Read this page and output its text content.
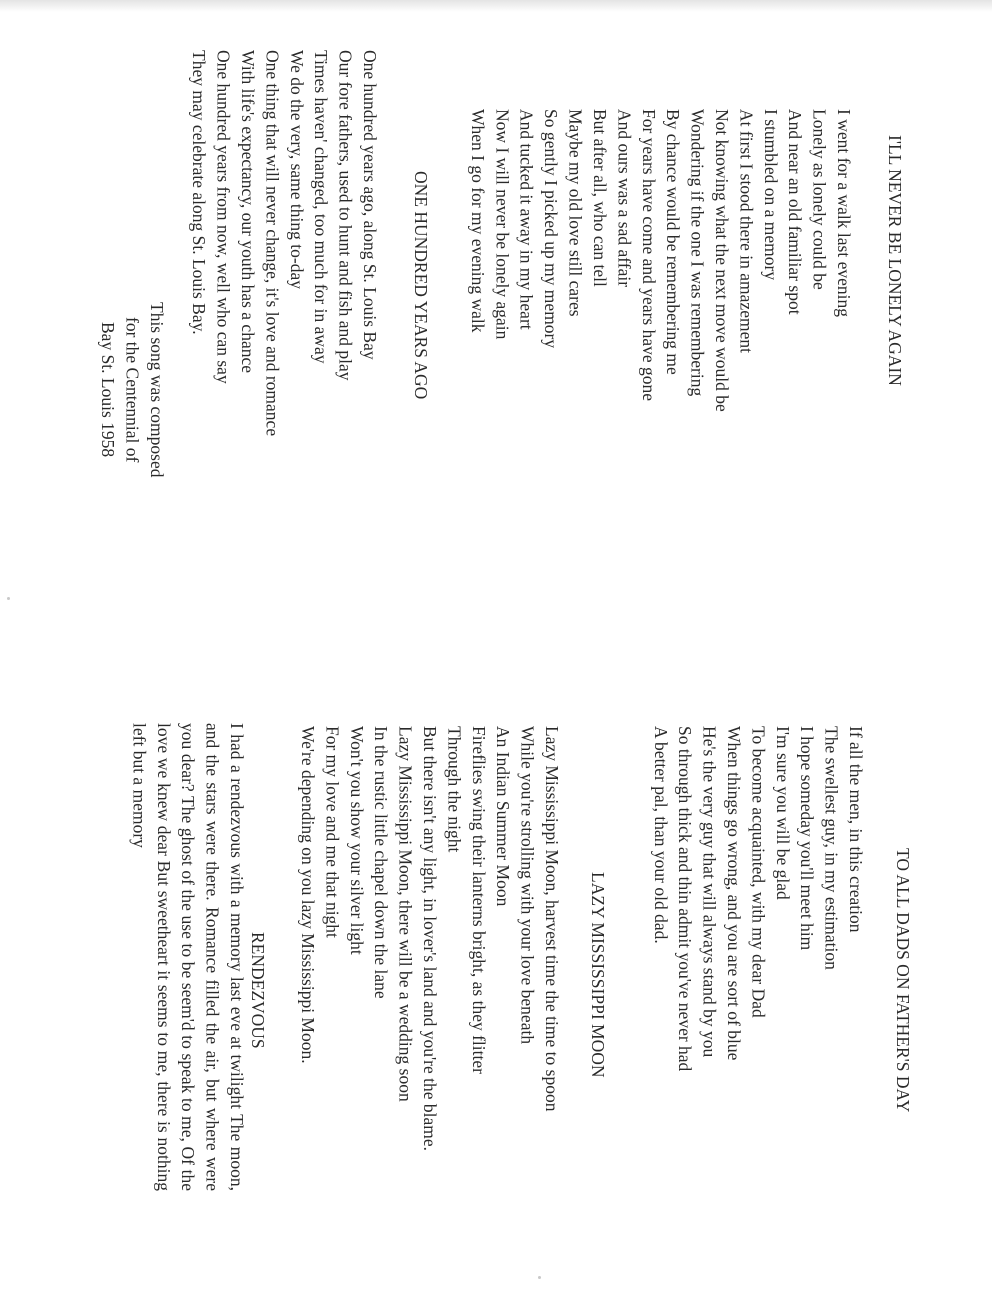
I'LL NEVER BE LONELY AGAIN
I went for a walk last evening
Lonely as lonely could be
And near an old familiar spot
I stumbled on a memory
At first I stood there in amazement
Not knowing what the next move would be
Wondering if the one I was remembering
By chance would be remembering me
For years have come and years have gone
And ours was a sad affair
But after all, who can tell
Maybe my old love still cares
So gently I picked up my memory
And tucked it away in my heart
Now I will never be lonely again
When I go for my evening walk
ONE HUNDRED YEARS AGO
One hundred years ago, along St. Louis Bay
Our fore fathers, used to hunt and fish and play
Times haven' changed, too much for in away
We do the very, same thing to-day
One thing that will never change, it's love and romance
With life's expectancy, our youth has a chance
One hundred years from now, well who can say
They may celebrate along St. Louis Bay.
This song was composed
for the Centennial of
Bay St. Louis 1958
TO ALL DADS ON FATHER'S DAY
If all the men, in this creation
The swellest guy, in my estimation
I hope someday you'll meet him
I'm sure you will be glad
To become acquainted, with my dear Dad
When things go wrong, and you are sort of blue
He's the very guy that will always stand by you
So through thick and thin admit you've never had
A better pal, than your old dad.
LAZY MISSISSIPPI MOON
Lazy Mississippi Moon, harvest time the time to spoon
While you're strolling with your love beneath
An Indian Summer Moon
Fireflies swing their lanterns bright, as they flitter
Through the night
But there isn't any light, in lover's land and you're the blame.
Lazy Mississippi Moon, there will be a wedding soon
In the rustic little chapel down the lane
Won't you show your silver light
For my love and me that night
We're depending on you lazy Mississippi Moon.
RENDEZVOUS
I had a rendezvous with a memory last eve at twilight The moon, and the stars were there. Romance filled the air, but where were you dear? The ghost of the use to be seem'd to speak to me, Of the love we knew dear But sweetheart it seems to me, there is nothing left but a memory
